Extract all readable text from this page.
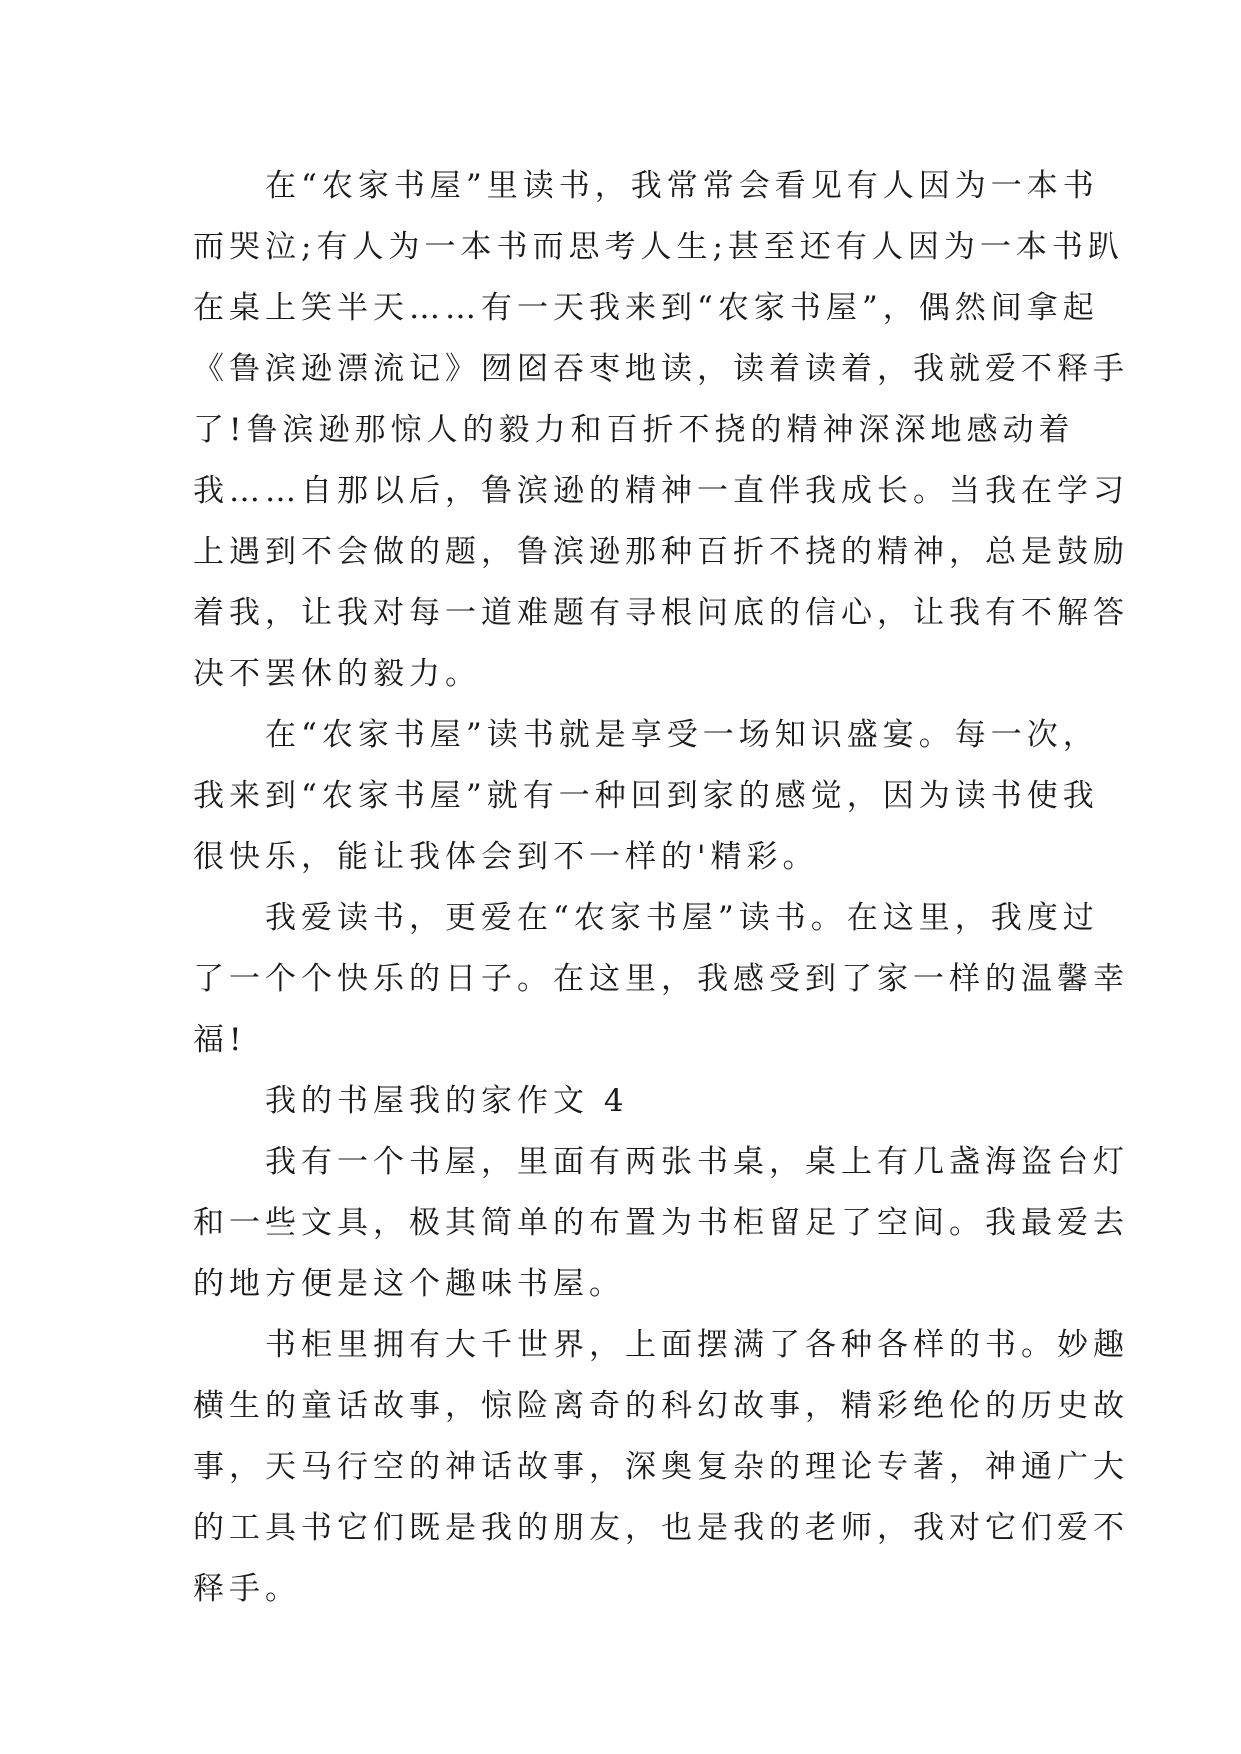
　　在“农家书屋”里读书，我常常会看见有人因为一本书
而哭泣;有人为一本书而思考人生;甚至还有人因为一本书趴
在桌上笑半天……有一天我来到“农家书屋”，偶然间拿起
《鲁滨逊漂流记》囫囵吞枣地读，读着读着，我就爱不释手
了!鲁滨逊那惊人的毅力和百折不挠的精神深深地感动着
我……自那以后，鲁滨逊的精神一直伴我成长。当我在学习
上遇到不会做的题，鲁滨逊那种百折不挠的精神，总是鼓励
着我，让我对每一道难题有寻根问底的信心，让我有不解答
决不罢休的毅力。
　　在“农家书屋”读书就是享受一场知识盛宴。每一次，
我来到“农家书屋”就有一种回到家的感觉，因为读书使我
很快乐，能让我体会到不一样的'精彩。
　　我爱读书，更爱在“农家书屋”读书。在这里，我度过
了一个个快乐的日子。在这里，我感受到了家一样的温馨幸
福!
　　我的书屋我的家作文 4
　　我有一个书屋，里面有两张书桌，桌上有几盏海盗台灯
和一些文具，极其简单的布置为书柜留足了空间。我最爱去
的地方便是这个趣味书屋。
　　书柜里拥有大千世界，上面摆满了各种各样的书。妙趣
横生的童话故事，惊险离奇的科幻故事，精彩绝伦的历史故
事，天马行空的神话故事，深奥复杂的理论专著，神通广大
的工具书它们既是我的朋友，也是我的老师，我对它们爱不
释手。
